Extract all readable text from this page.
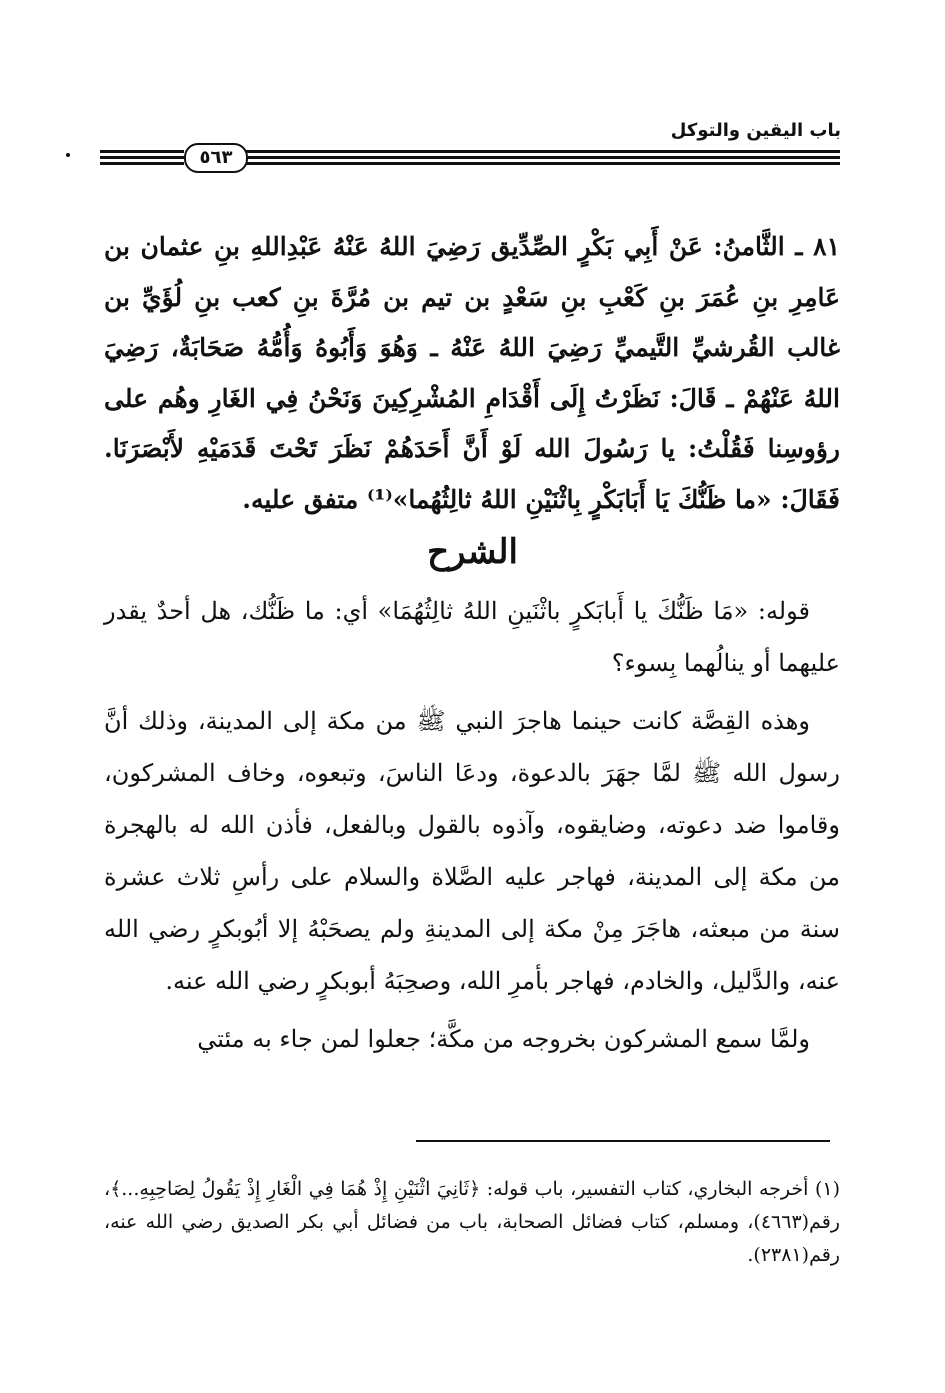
باب اليقين والتوكل
٥٦٣
٨١ ـ الثَّامنُ: عَنْ أَبِي بَكْرٍ الصِّدِّيق رَضِيَ اللهُ عَنْهُ عَبْدِاللهِ بنِ عثمان بن عَامِرِ بنِ عُمَرَ بنِ كَعْبِ بنِ سَعْدٍ بن تيم بن مُرَّةَ بنِ كعب بنِ لُؤَيِّ بن غالب القُرشيِّ التَّيميِّ رَضِيَ اللهُ عَنْهُ ـ وَهُوَ وَأَبُوهُ وَأُمُّهُ صَحَابَةٌ، رَضِيَ اللهُ عَنْهُمْ ـ قَالَ: نَظَرْتُ إِلَى أَقْدَامِ المُشْرِكِينَ وَنَحْنُ فِي الغَارِ وهُم على رؤوسِنا فَقُلْتُ: يا رَسُولَ الله لَوْ أَنَّ أَحَدَهُمْ نَظَرَ تَحْتَ قَدَمَيْهِ لأَبْصَرَنَا. فَقَالَ: «ما ظَنُّكَ يَا أَبَابَكْرٍ بِاثْنَيْنِ اللهُ ثالِثُهُما»⁽¹⁾ متفق عليه.
الشرح

قوله: «مَا ظَنُّكَ يا أَبابَكرٍ باثْنَينِ اللهُ ثالِثُهُمَا» أي: ما ظَنُّك، هل أحدٌ يقدر عليهما أو ينالُهما بِسوء؟

وهذه القِصَّة كانت حينما هاجرَ النبي ﷺ من مكة إلى المدينة، وذلك أنَّ رسول الله ﷺ لمَّا جهَرَ بالدعوة، ودعَا الناسَ، وتبعوه، وخاف المشركون، وقاموا ضد دعوته، وضايقوه، وآذوه بالقول وبالفعل، فأذن الله له بالهجرة من مكة إلى المدينة، فهاجر عليه الصَّلاة والسلام على رأسِ ثلاث عشرة سنة من مبعثه، هاجَرَ مِنْ مكة إلى المدينةِ ولم يصحَبْهُ إلا أبُوبكرٍ رضي الله عنه، والدَّليل، والخادم، فهاجر بأمرِ الله، وصحِبَهُ أبوبكرٍ رضي الله عنه.

ولمَّا سمع المشركون بخروجه من مكَّة؛ جعلوا لمن جاء به مئتي

(١) أخرجه البخاري، كتاب التفسير، باب قوله: ﴿ثَانِيَ اثْنَيْنِ إِذْ هُمَا فِي الْغَارِ إِذْ يَقُولُ لِصَاحِبِهِ...﴾، رقم(٤٦٦٣)، ومسلم، كتاب فضائل الصحابة، باب من فضائل أبي بكر الصديق رضي الله عنه، رقم(٢٣٨١).
